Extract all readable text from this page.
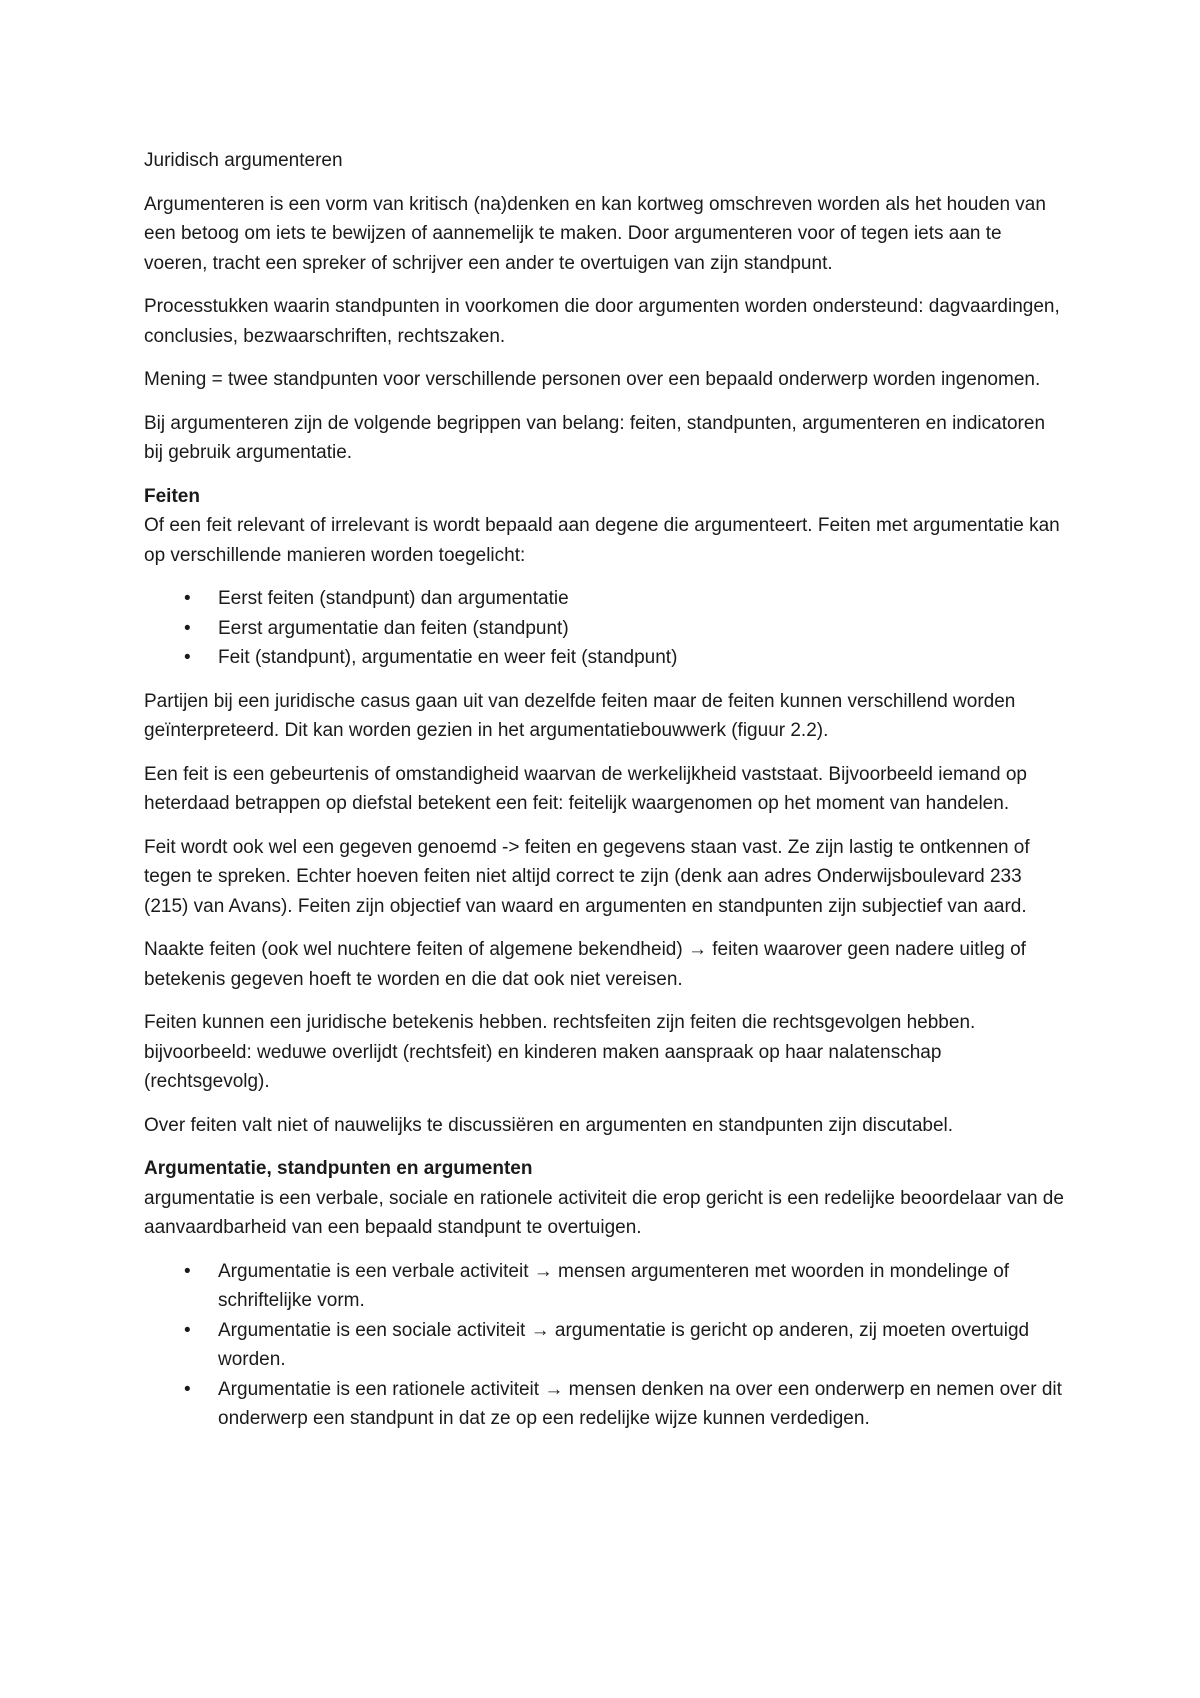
Juridisch argumenteren

Argumenteren is een vorm van kritisch (na)denken en kan kortweg omschreven worden als het houden van een betoog om iets te bewijzen of aannemelijk te maken. Door argumenteren voor of tegen iets aan te voeren, tracht een spreker of schrijver een ander te overtuigen van zijn standpunt.

Processtukken waarin standpunten in voorkomen die door argumenten worden ondersteund: dagvaardingen, conclusies, bezwaarschriften, rechtszaken.

Mening = twee standpunten voor verschillende personen over een bepaald onderwerp worden ingenomen.

Bij argumenteren zijn de volgende begrippen van belang: feiten, standpunten, argumenteren en indicatoren bij gebruik argumentatie.

Feiten
Of een feit relevant of irrelevant is wordt bepaald aan degene die argumenteert. Feiten met argumentatie kan op verschillende manieren worden toegelicht:

• Eerst feiten (standpunt) dan argumentatie
• Eerst argumentatie dan feiten (standpunt)
• Feit (standpunt), argumentatie en weer feit (standpunt)

Partijen bij een juridische casus gaan uit van dezelfde feiten maar de feiten kunnen verschillend worden geïnterpreteerd. Dit kan worden gezien in het argumentatiebouwwerk (figuur 2.2).

Een feit is een gebeurtenis of omstandigheid waarvan de werkelijkheid vaststaat. Bijvoorbeeld iemand op heterdaad betrappen op diefstal betekent een feit: feitelijk waargenomen op het moment van handelen.

Feit wordt ook wel een gegeven genoemd -> feiten en gegevens staan vast. Ze zijn lastig te ontkennen of tegen te spreken. Echter hoeven feiten niet altijd correct te zijn (denk aan adres Onderwijsboulevard 233 (215) van Avans). Feiten zijn objectief van waard en argumenten en standpunten zijn subjectief van aard.

Naakte feiten (ook wel nuchtere feiten of algemene bekendheid) → feiten waarover geen nadere uitleg of betekenis gegeven hoeft te worden en die dat ook niet vereisen.

Feiten kunnen een juridische betekenis hebben. rechtsfeiten zijn feiten die rechtsgevolgen hebben. bijvoorbeeld: weduwe overlijdt (rechtsfeit) en kinderen maken aanspraak op haar nalatenschap (rechtsgevolg).

Over feiten valt niet of nauwelijks te discussiëren en argumenten en standpunten zijn discutabel.

Argumentatie, standpunten en argumenten
argumentatie is een verbale, sociale en rationele activiteit die erop gericht is een redelijke beoordelaar van de aanvaardbarheid van een bepaald standpunt te overtuigen.

• Argumentatie is een verbale activiteit → mensen argumenteren met woorden in mondelinge of schriftelijke vorm.
• Argumentatie is een sociale activiteit → argumentatie is gericht op anderen, zij moeten overtuigd worden.
• Argumentatie is een rationele activiteit → mensen denken na over een onderwerp en nemen over dit onderwerp een standpunt in dat ze op een redelijke wijze kunnen verdedigen.
